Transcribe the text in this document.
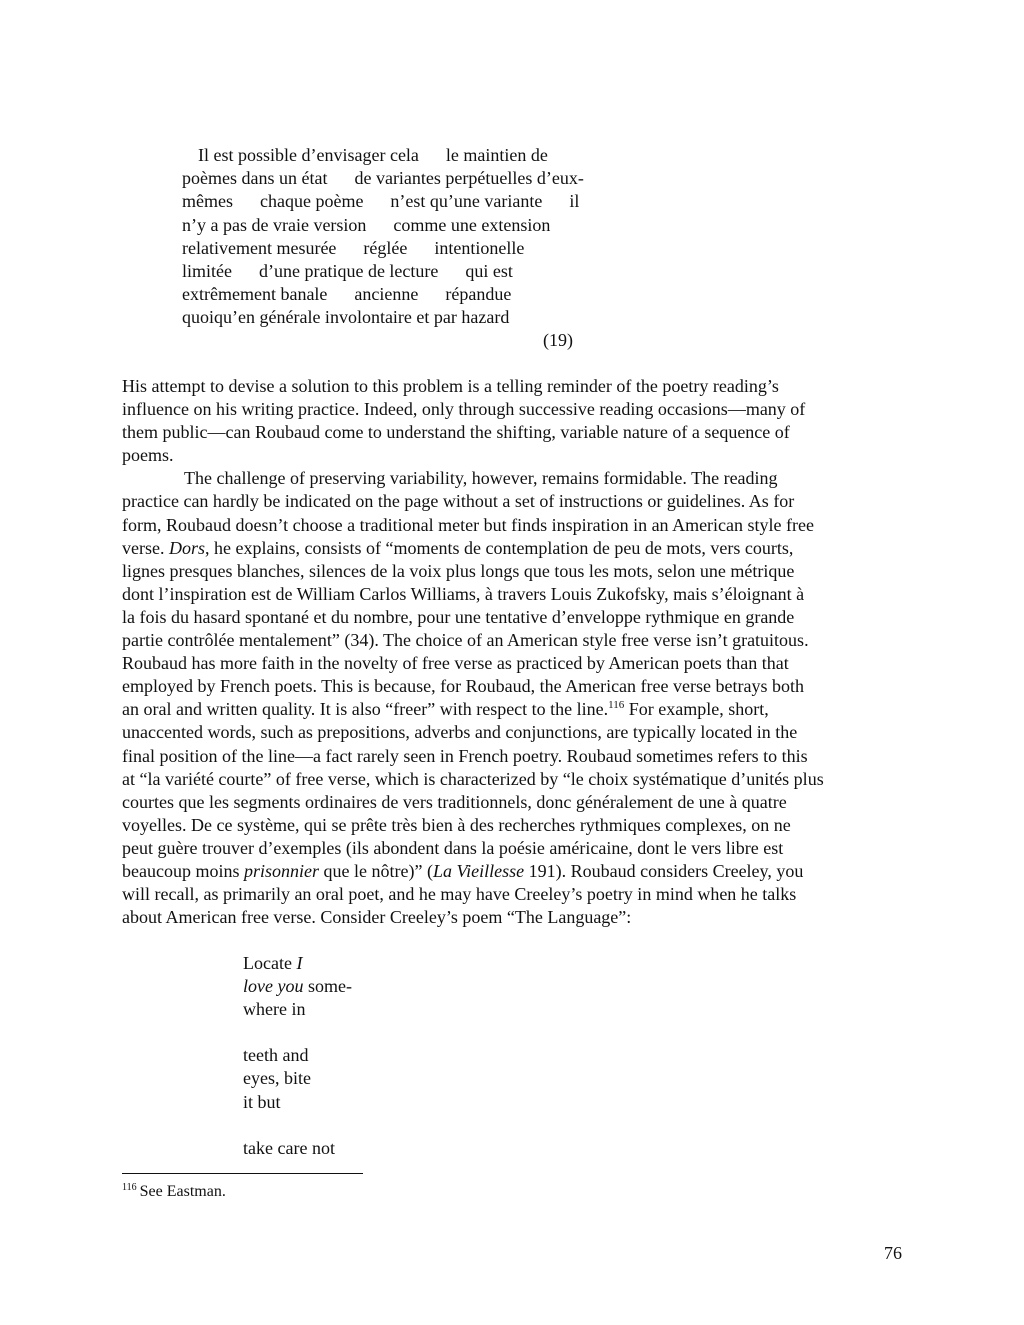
Il est possible d’envisager cela      le maintien de
poèmes dans un état      de variantes perpétuelles d’eux-
mêmes      chaque poème      n’est qu’une variante      il
n’y a pas de vraie version      comme une extension
relativement mesurée      réglée      intentionelle
limitée      d’une pratique de lecture      qui est
extrêmement banale      ancienne      répandue
quoiqu’en générale involontaire et par hazard
(19)
His attempt to devise a solution to this problem is a telling reminder of the poetry reading’s
influence on his writing practice. Indeed, only through successive reading occasions—many of
them public—can Roubaud come to understand the shifting, variable nature of a sequence of
poems.
The challenge of preserving variability, however, remains formidable. The reading
practice can hardly be indicated on the page without a set of instructions or guidelines. As for
form, Roubaud doesn’t choose a traditional meter but finds inspiration in an American style free
verse. Dors, he explains, consists of “moments de contemplation de peu de mots, vers courts,
lignes presques blanches, silences de la voix plus longs que tous les mots, selon une métrique
dont l’inspiration est de William Carlos Williams, à travers Louis Zukofsky, mais s’éloignant à
la fois du hasard spontané et du nombre, pour une tentative d’enveloppe rythmique en grande
partie contrôlée mentalement” (34). The choice of an American style free verse isn’t gratuitous.
Roubaud has more faith in the novelty of free verse as practiced by American poets than that
employed by French poets. This is because, for Roubaud, the American free verse betrays both
an oral and written quality. It is also “freer” with respect to the line.$^{116}$ For example, short,
unaccented words, such as prepositions, adverbs and conjunctions, are typically located in the
final position of the line—a fact rarely seen in French poetry. Roubaud sometimes refers to this
at “la variété courte” of free verse, which is characterized by “le choix systématique d’unités plus
courtes que les segments ordinaires de vers traditionnels, donc généralement de une à quatre
voyelles. De ce système, qui se prête très bien à des recherches rythmiques complexes, on ne
peut guère trouver d’exemples (ils abondent dans la poésie américaine, dont le vers libre est
beaucoup moins prisonnier que le nôtre)” (La Vieillesse 191). Roubaud considers Creeley, you
will recall, as primarily an oral poet, and he may have Creeley’s poetry in mind when he talks
about American free verse. Consider Creeley’s poem “The Language”:
Locate I
love you some-
where in
teeth and
eyes, bite
it but
take care not
$^{116}$ See Eastman.
76
